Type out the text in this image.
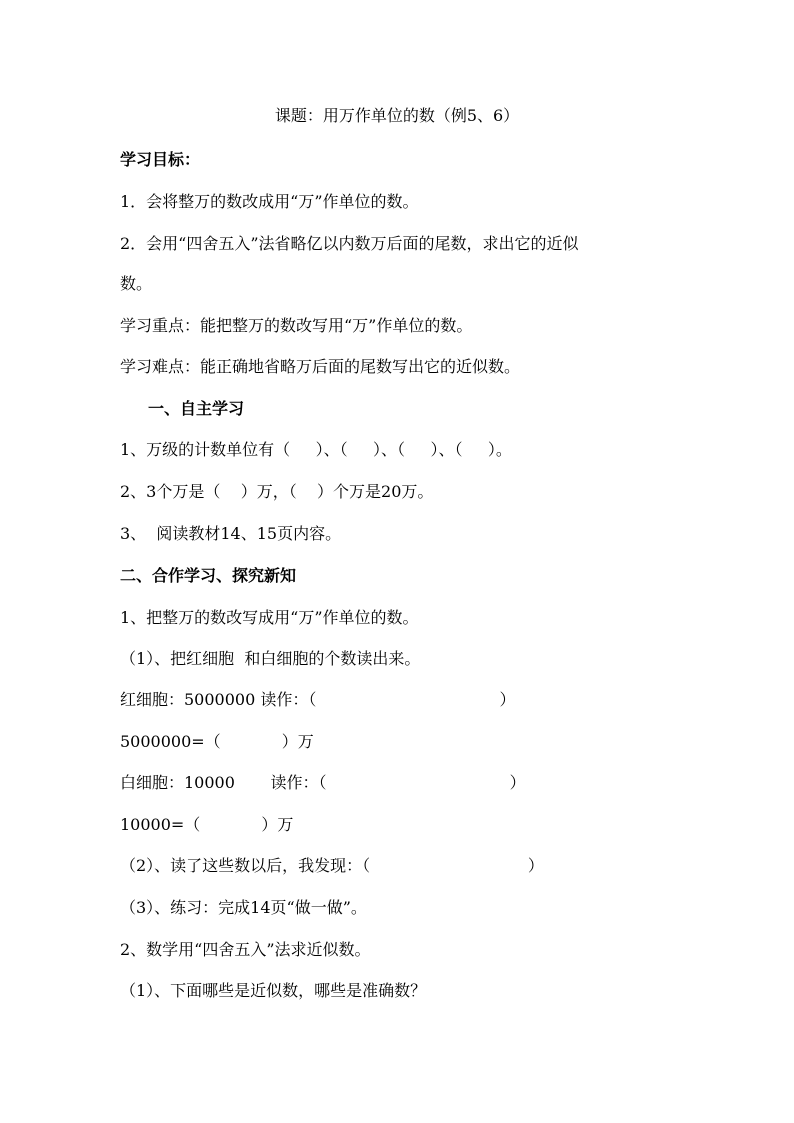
课题：用万作单位的数（例5、6）
学习目标：
1．会将整万的数改成用“万”作单位的数。
2．会用“四舍五入”法省略亿以内数万后面的尾数，求出它的近似
数。
学习重点：能把整万的数改写用“万”作单位的数。
学习难点：能正确地省略万后面的尾数写出它的近似数。
一、自主学习
1、万级的计数单位有（     ）、（     ）、（     ）、（     ）。
2、3个万是（    ）万，（    ）个万是20万。
3、  阅读教材14、15页内容。
二、合作学习、探究新知
1、把整万的数改写成用“万”作单位的数。
（1）、把红细胞  和白细胞的个数读出来。
红细胞：5000000 读作：（                                    ）
5000000=（            ）万
白细胞：10000       读作：（                                    ）
10000=（            ）万
（2）、读了这些数以后，我发现：（                               ）
（3）、练习：完成14页“做一做”。
2、数学用“四舍五入”法求近似数。
（1）、下面哪些是近似数，哪些是准确数？
